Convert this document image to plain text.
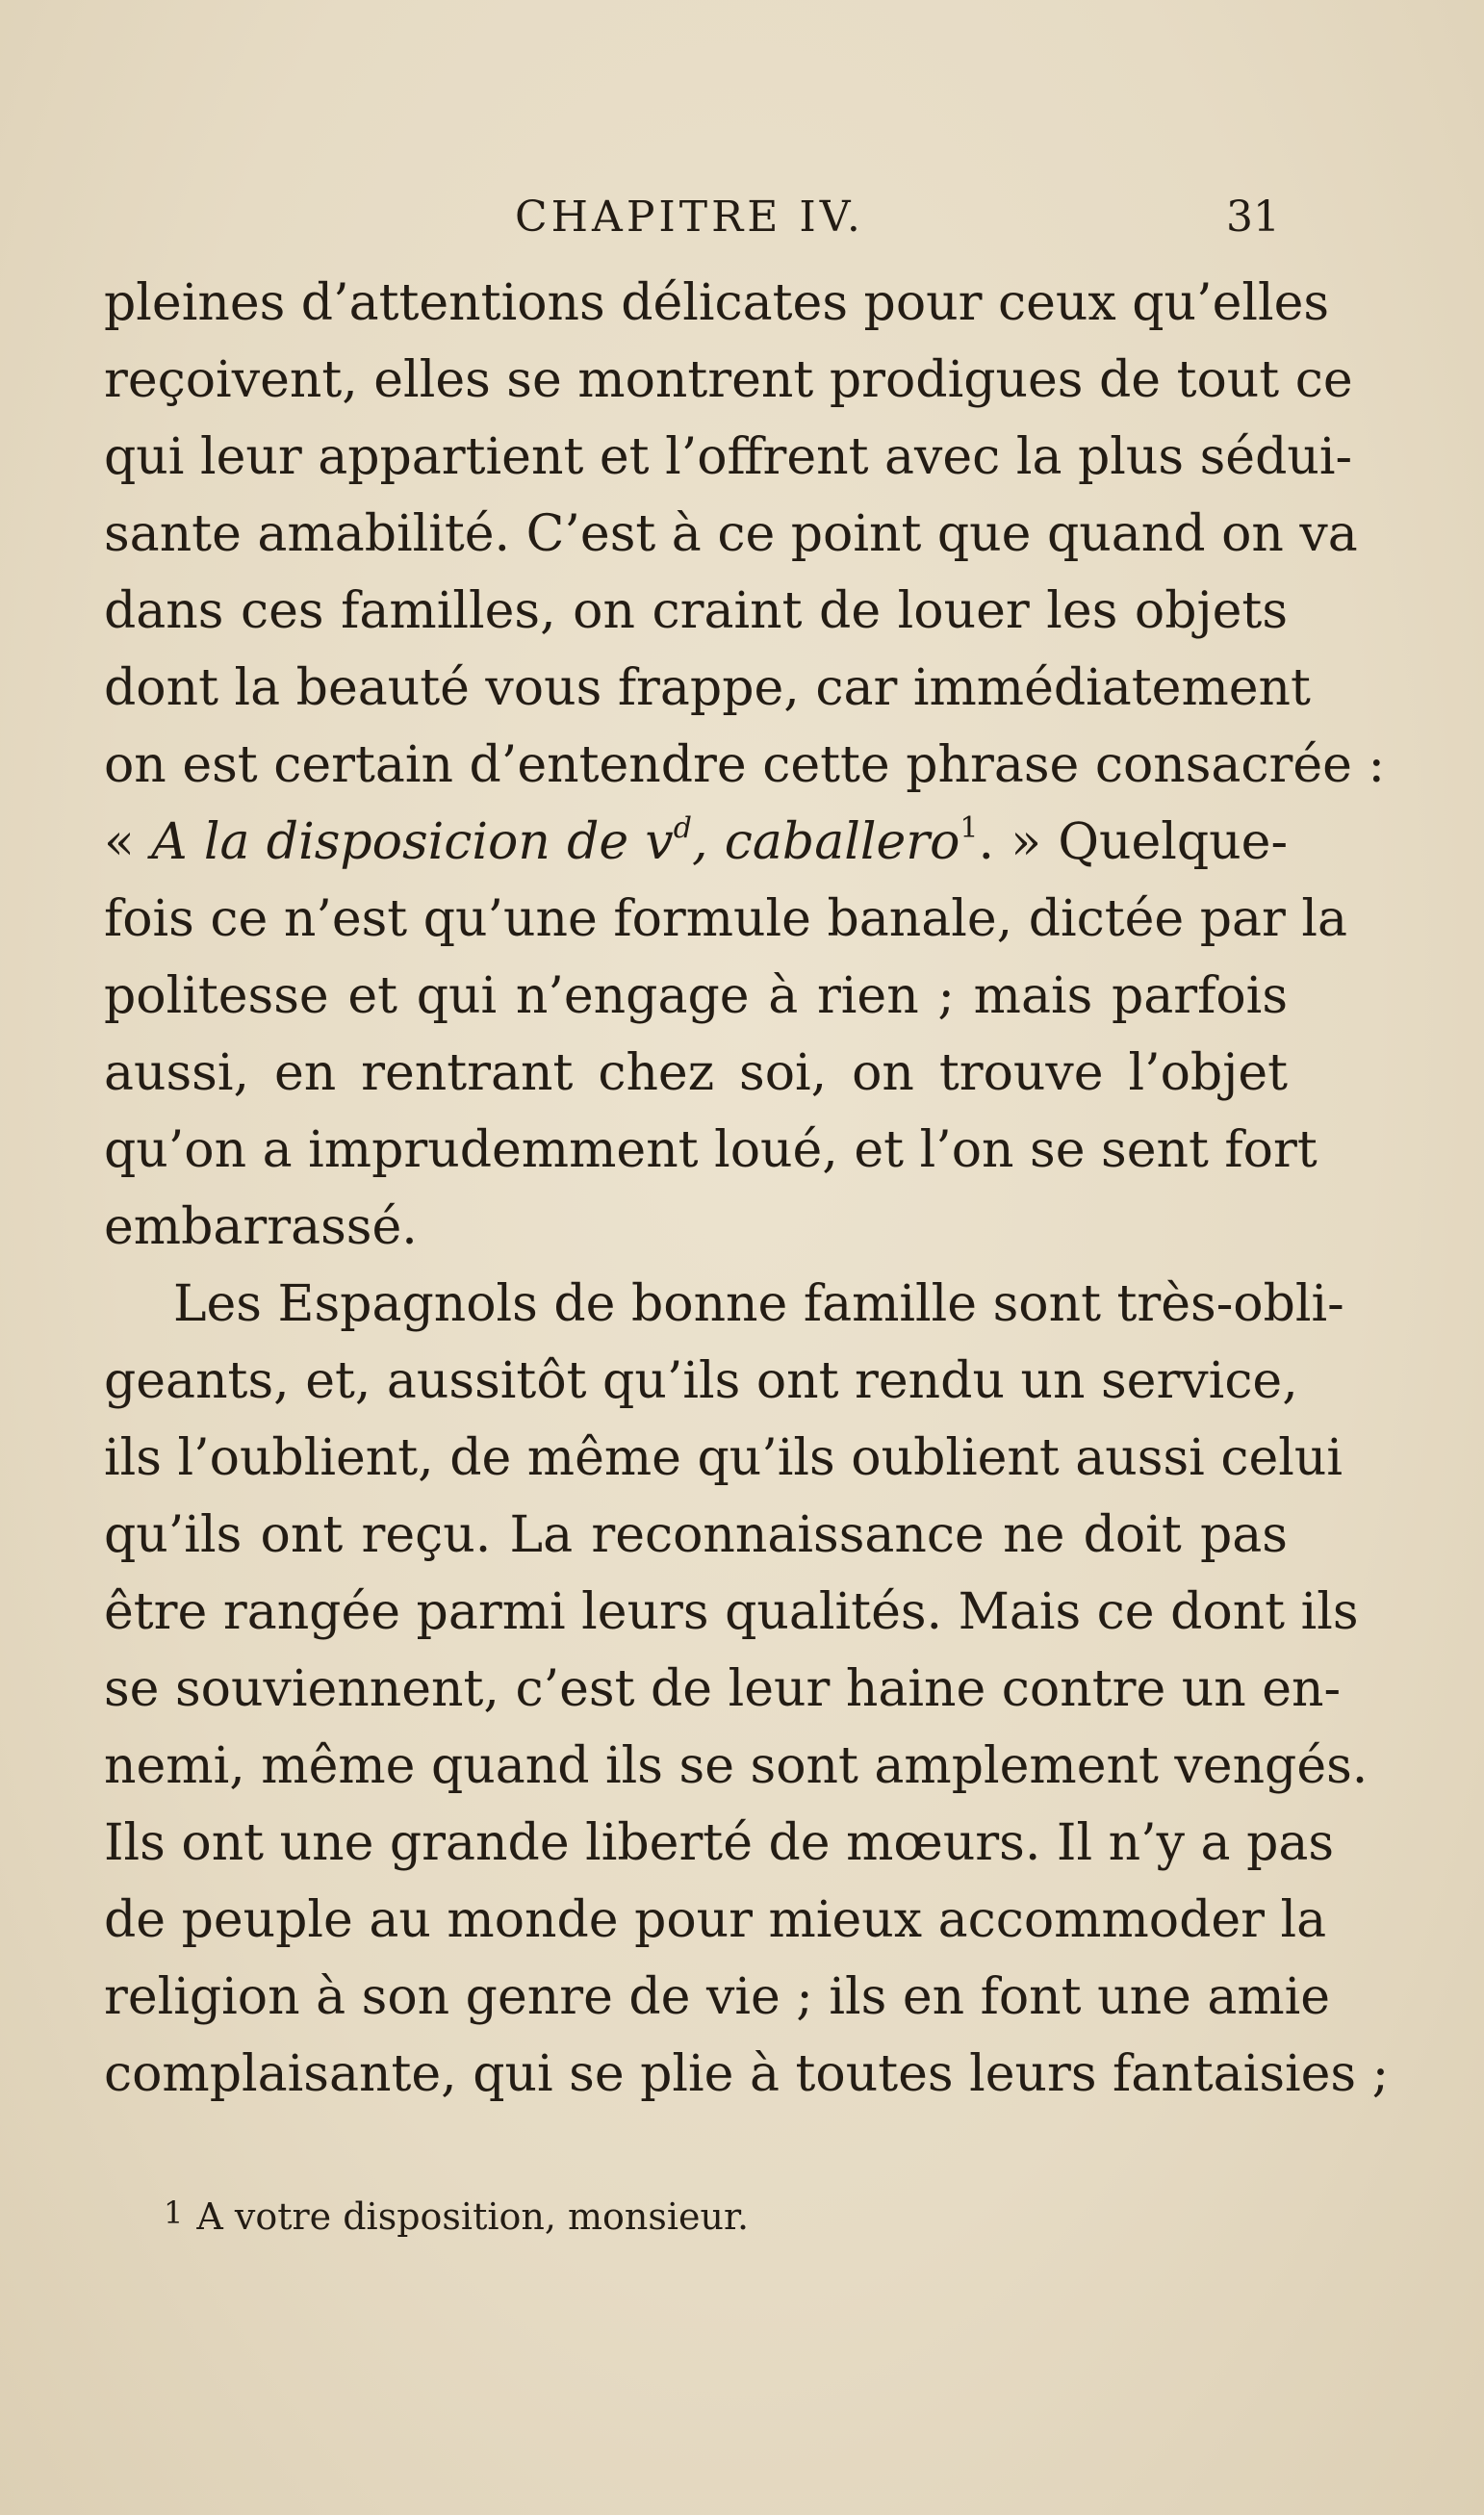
CHAPITRE IV.	31
pleines d’attentions délicates pour ceux qu’elles
reçoivent, elles se montrent prodigues de tout ce
qui leur appartient et l’offrent avec la plus sédui-
sante amabilité. C’est à ce point que quand on va
dans ces familles, on craint de louer les objets
dont la beauté vous frappe, car immédiatement
on est certain d’entendre cette phrase consacrée :
« A la disposicion de $v^d$, caballero$^1$. » Quelque-
fois ce n’est qu’une formule banale, dictée par la
politesse et qui n’engage à rien ; mais parfois
aussi, en rentrant chez soi, on trouve l’objet
qu’on a imprudemment loué, et l’on se sent fort
embarrassé.
Les Espagnols de bonne famille sont très-obli-
geants, et, aussitôt qu’ils ont rendu un service,
ils l’oublient, de même qu’ils oublient aussi celui
qu’ils ont reçu. La reconnaissance ne doit pas
être rangée parmi leurs qualités. Mais ce dont ils
se souviennent, c’est de leur haine contre un en-
nemi, même quand ils se sont amplement vengés.
Ils ont une grande liberté de mœurs. Il n’y a pas
de peuple au monde pour mieux accommoder la
religion à son genre de vie ; ils en font une amie
complaisante, qui se plie à toutes leurs fantaisies ;
1 A votre disposition, monsieur.
